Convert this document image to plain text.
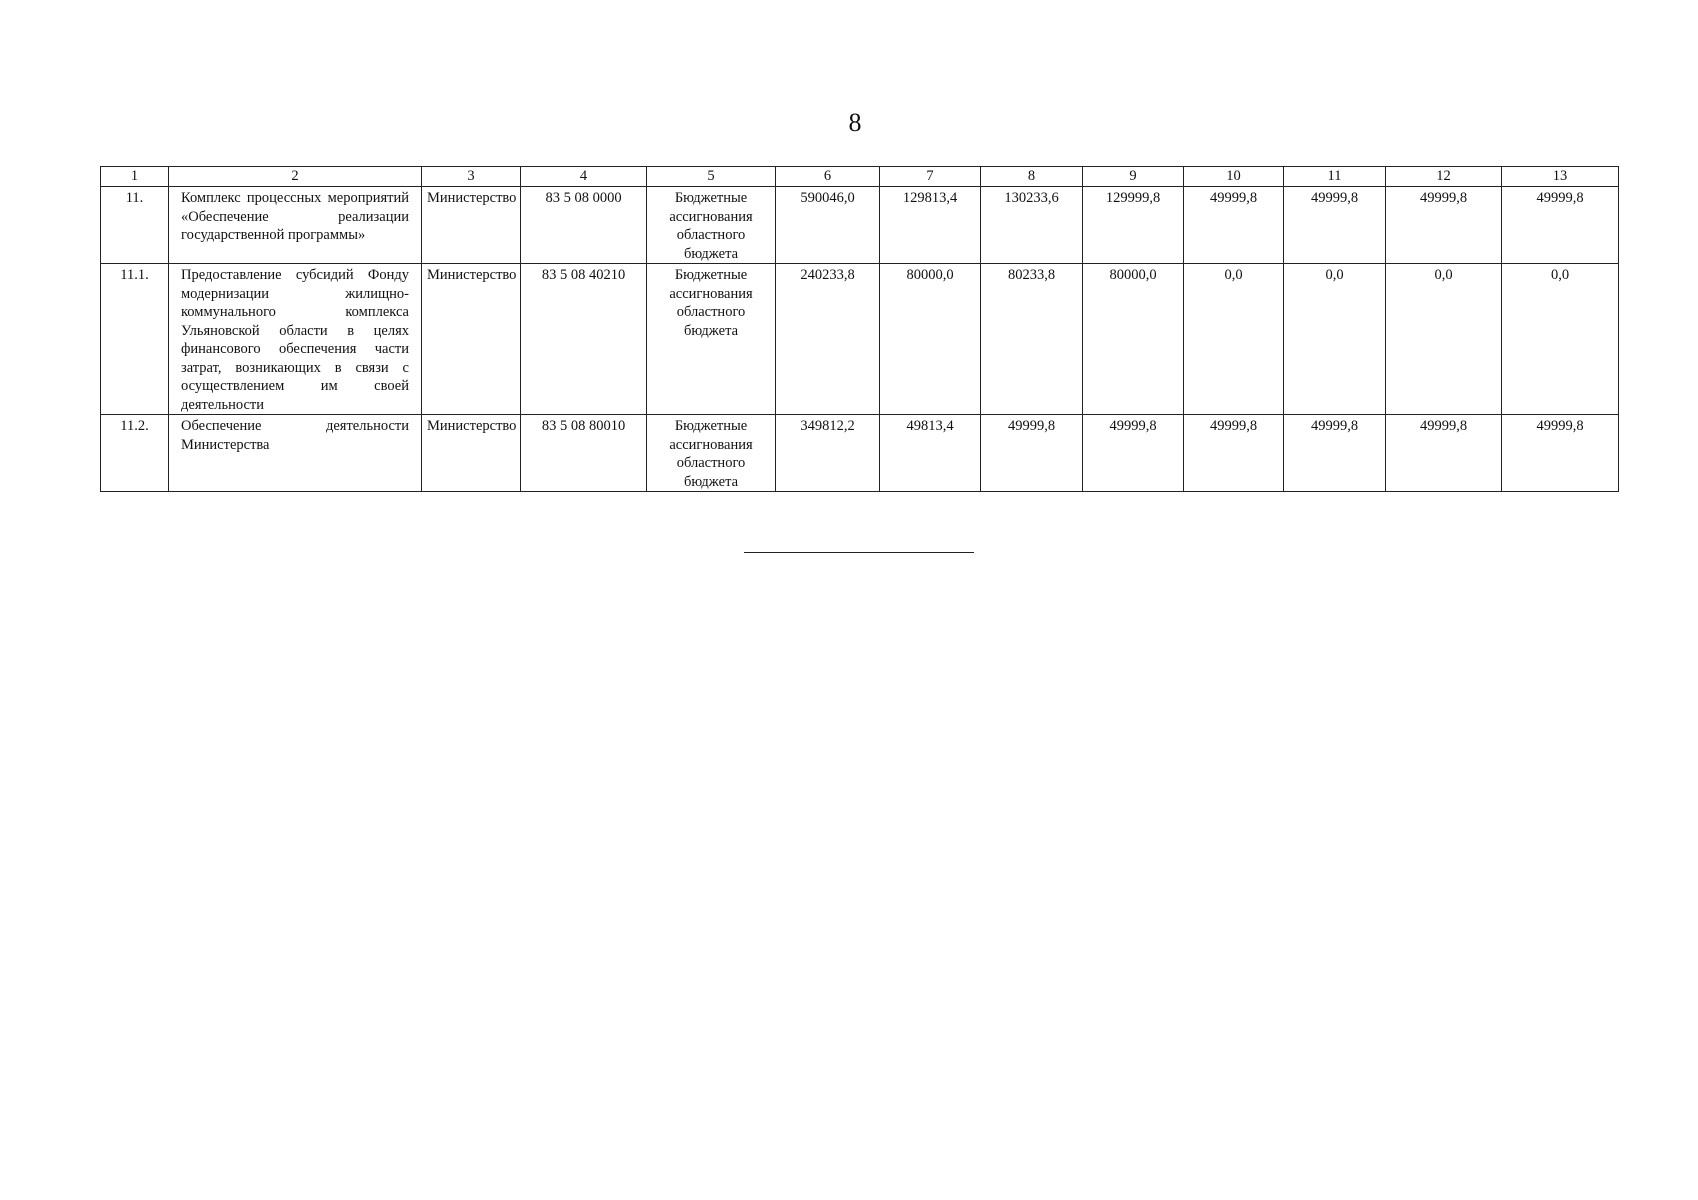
8
1	2	3	4	5	6	7	8	9	10	11	12	13
11.	Комплекс процессных мероприятий «Обеспечение реализации государственной программы»	Министерство	83 5 08 0000	Бюджетные ассигнования областного бюджета	590046,0	129813,4	130233,6	129999,8	49999,8	49999,8	49999,8	49999,8
11.1.	Предоставление субсидий Фонду модернизации жилищно-коммунального комплекса Ульяновской области в целях финансового обеспечения части затрат, возникающих в связи с осуществлением им своей деятельности	Министерство	83 5 08 40210	Бюджетные ассигнования областного бюджета	240233,8	80000,0	80233,8	80000,0	0,0	0,0	0,0	0,0
11.2.	Обеспечение деятельности Министерства	Министерство	83 5 08 80010	Бюджетные ассигнования областного бюджета	349812,2	49813,4	49999,8	49999,8	49999,8	49999,8	49999,8	49999,8
